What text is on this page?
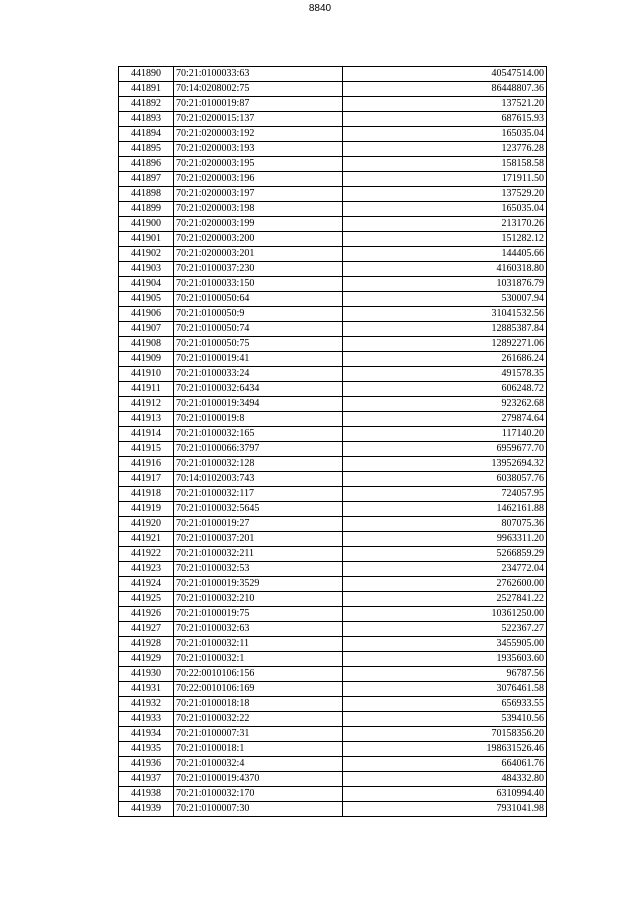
8840
441890	70:21:0100033:63	40547514.00
441891	70:14:0208002:75	86448807.36
441892	70:21:0100019:87	137521.20
441893	70:21:0200015:137	687615.93
441894	70:21:0200003:192	165035.04
441895	70:21:0200003:193	123776.28
441896	70:21:0200003:195	158158.58
441897	70:21:0200003:196	171911.50
441898	70:21:0200003:197	137529.20
441899	70:21:0200003:198	165035.04
441900	70:21:0200003:199	213170.26
441901	70:21:0200003:200	151282.12
441902	70:21:0200003:201	144405.66
441903	70:21:0100037:230	4160318.80
441904	70:21:0100033:150	1031876.79
441905	70:21:0100050:64	530007.94
441906	70:21:0100050:9	31041532.56
441907	70:21:0100050:74	12885387.84
441908	70:21:0100050:75	12892271.06
441909	70:21:0100019:41	261686.24
441910	70:21:0100033:24	491578.35
441911	70:21:0100032:6434	606248.72
441912	70:21:0100019:3494	923262.68
441913	70:21:0100019:8	279874.64
441914	70:21:0100032:165	117140.20
441915	70:21:0100066:3797	6959677.70
441916	70:21:0100032:128	13952694.32
441917	70:14:0102003:743	6038057.76
441918	70:21:0100032:117	724057.95
441919	70:21:0100032:5645	1462161.88
441920	70:21:0100019:27	807075.36
441921	70:21:0100037:201	9963311.20
441922	70:21:0100032:211	5266859.29
441923	70:21:0100032:53	234772.04
441924	70:21:0100019:3529	2762600.00
441925	70:21:0100032:210	2527841.22
441926	70:21:0100019:75	10361250.00
441927	70:21:0100032:63	522367.27
441928	70:21:0100032:11	3455905.00
441929	70:21:0100032:1	1935603.60
441930	70:22:0010106:156	96787.56
441931	70:22:0010106:169	3076461.58
441932	70:21:0100018:18	656933.55
441933	70:21:0100032:22	539410.56
441934	70:21:0100007:31	70158356.20
441935	70:21:0100018:1	198631526.46
441936	70:21:0100032:4	664061.76
441937	70:21:0100019:4370	484332.80
441938	70:21:0100032:170	6310994.40
441939	70:21:0100007:30	7931041.98
